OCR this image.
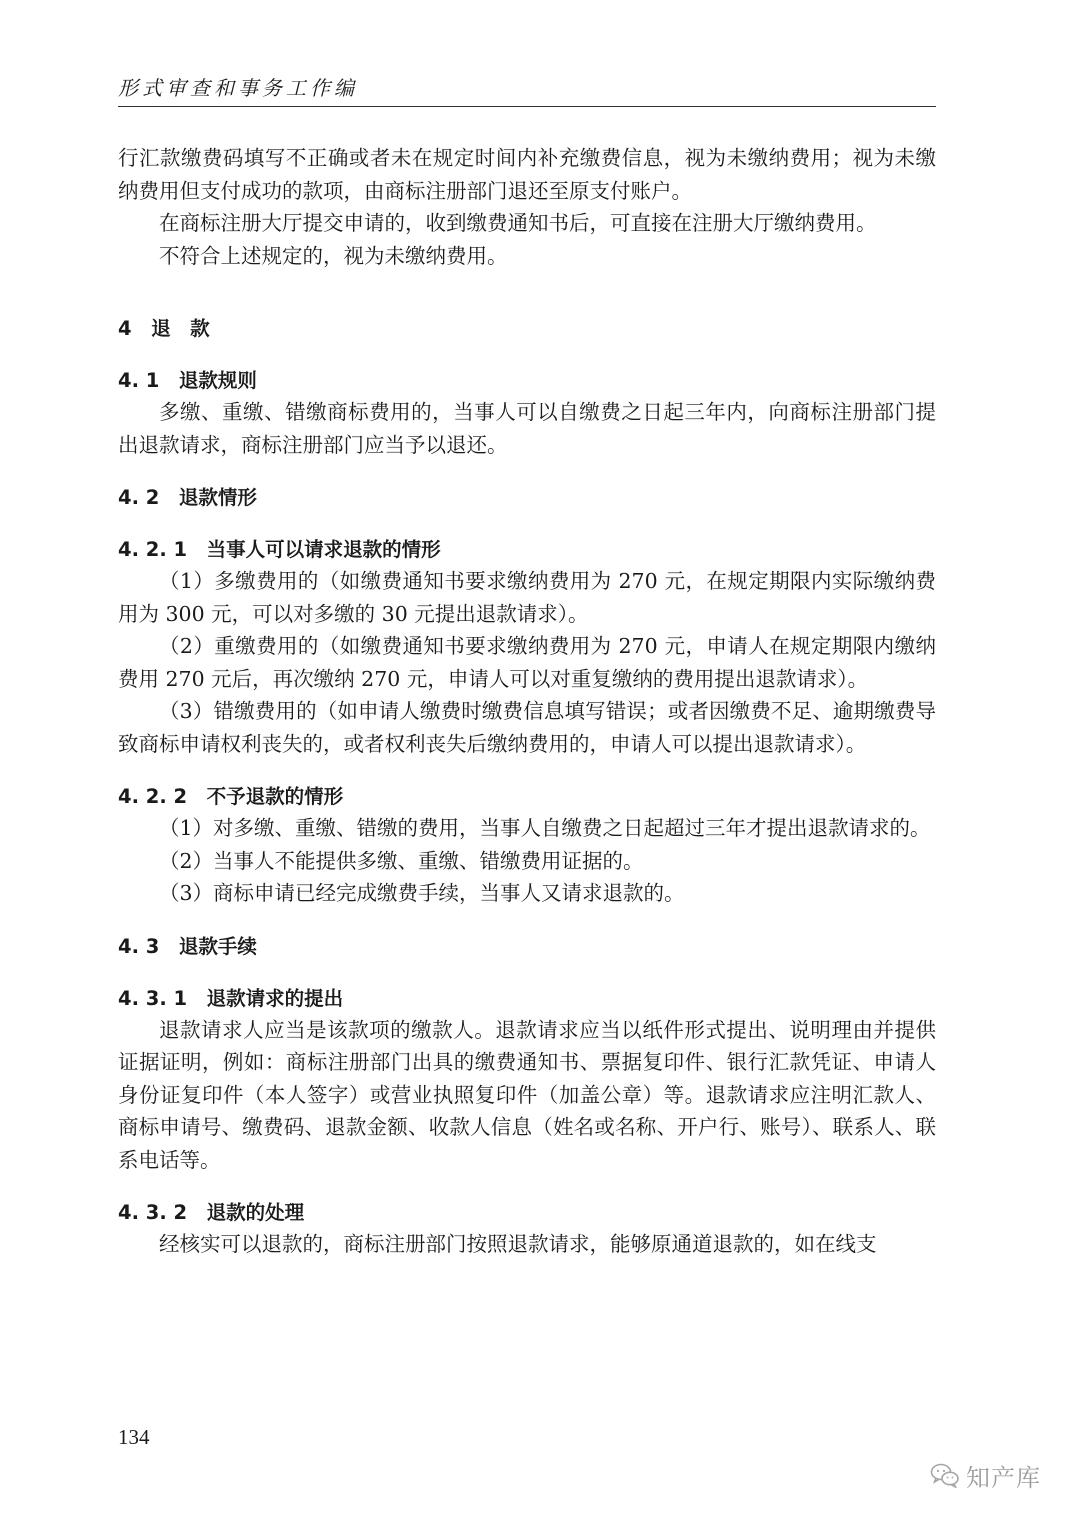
形式审查和事务工作编

行汇款缴费码填写不正确或者未在规定时间内补充缴费信息，视为未缴纳费用；视为未缴纳费用但支付成功的款项，由商标注册部门退还至原支付账户。

在商标注册大厅提交申请的，收到缴费通知书后，可直接在注册大厅缴纳费用。

不符合上述规定的，视为未缴纳费用。

4　退　款

4. 1　退款规则

多缴、重缴、错缴商标费用的，当事人可以自缴费之日起三年内，向商标注册部门提出退款请求，商标注册部门应当予以退还。

4. 2　退款情形

4. 2. 1　当事人可以请求退款的情形

（1）多缴费用的（如缴费通知书要求缴纳费用为 270 元，在规定期限内实际缴纳费用为 300 元，可以对多缴的 30 元提出退款请求）。

（2）重缴费用的（如缴费通知书要求缴纳费用为 270 元，申请人在规定期限内缴纳费用 270 元后，再次缴纳 270 元，申请人可以对重复缴纳的费用提出退款请求）。

（3）错缴费用的（如申请人缴费时缴费信息填写错误；或者因缴费不足、逾期缴费导致商标申请权利丧失的，或者权利丧失后缴纳费用的，申请人可以提出退款请求）。

4. 2. 2　不予退款的情形

（1）对多缴、重缴、错缴的费用，当事人自缴费之日起超过三年才提出退款请求的。

（2）当事人不能提供多缴、重缴、错缴费用证据的。

（3）商标申请已经完成缴费手续，当事人又请求退款的。

4. 3　退款手续

4. 3. 1　退款请求的提出

退款请求人应当是该款项的缴款人。退款请求应当以纸件形式提出、说明理由并提供证据证明，例如：商标注册部门出具的缴费通知书、票据复印件、银行汇款凭证、申请人身份证复印件（本人签字）或营业执照复印件（加盖公章）等。退款请求应注明汇款人、商标申请号、缴费码、退款金额、收款人信息（姓名或名称、开户行、账号）、联系人、联系电话等。

4. 3. 2　退款的处理

经核实可以退款的，商标注册部门按照退款请求，能够原通道退款的，如在线支

134
知产库
